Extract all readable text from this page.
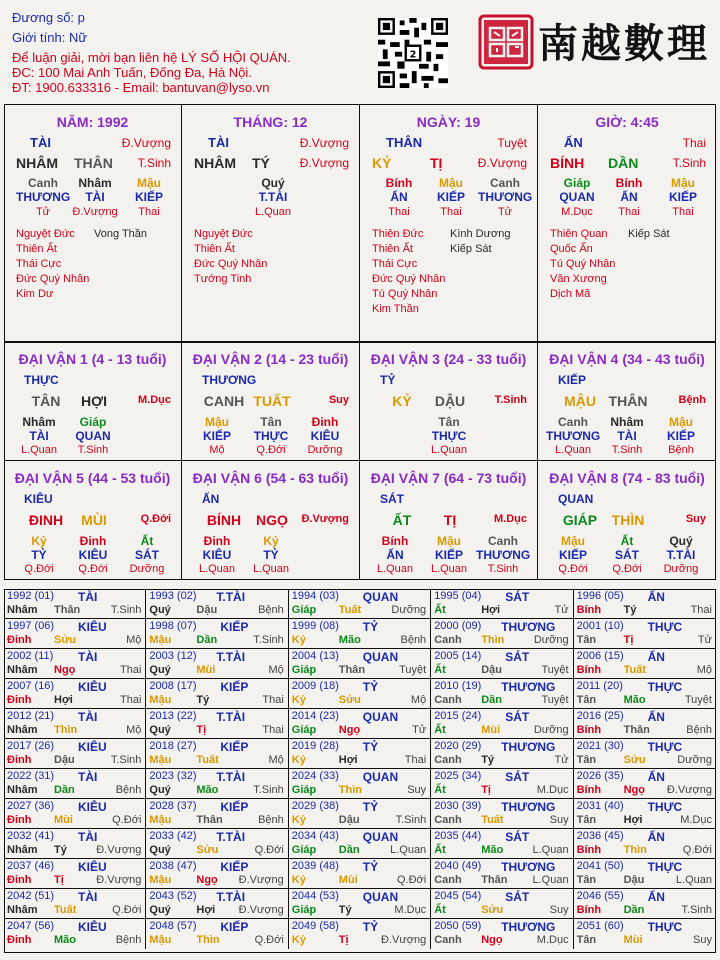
Đương số: p
Giới tính: Nữ
Để luận giải, mời bạn liên hệ LÝ SỐ HỘI QUÁN.
ĐC: 100 Mai Anh Tuấn, Đống Đa, Hà Nội.
ĐT: 1900.633316 - Email: bantuvan@lyso.vn
2	南越數理
NĂM: 1992
TÀI	Đ.Vượng
NHÂM THÂN T.Sinh
Canh	Nhâm	Mậu
THƯƠNG	TÀI	KIẾP
Tử	Đ.Vượng	Thai
Nguyệt Đức
Thiên Ất
Thái Cực
Đức Quý Nhân
Kim Dư
Vong Thần
THÁNG: 12
TÀI	Đ.Vượng
NHÂM TÝ Đ.Vượng
Quý
T.TÀI
L.Quan
Nguyệt Đức
Thiên Ất
Đức Quý Nhân
Tướng Tinh
NGÀY: 19
THÂN	Tuyệt
KỶ	TỊ	Đ.Vượng
Bính	Mậu	Canh
ẤN	KIẾP	THƯƠNG
Thai	Thai	Tử
Thiên Đức
Thiên Ất
Thái Cực
Đức Quý Nhân
Tú Quý Nhân
Kim Thần
Kình Dương
Kiếp Sát
GIỜ: 4:45
ẤN	Thai
BÍNH DẦN	T.Sinh
Giáp	Bính	Mậu
QUAN	ẤN	KIẾP
M.Dục	Thai	Thai
Thiên Quan
Quốc Ấn
Tú Quý Nhân
Văn Xương
Dịch Mã
Kiếp Sát
ĐẠI VẬN 1 (4 - 13 tuổi)
THỰC
TÂN	HỢI	M.Dục
Nhâm	Giáp
TÀI	QUAN
L.Quan	T.Sinh
ĐẠI VẬN 2 (14 - 23 tuổi)
THƯƠNG
CANH TUẤT	Suy
Mậu	Tân	Đinh
KIẾP	THỰC	KIÊU
Mộ	Q.Đới	Dưỡng
ĐẠI VẬN 3 (24 - 33 tuổi)
TỶ
KỶ	DẬU	T.Sinh
Tân
THỰC
L.Quan
ĐẠI VẬN 4 (34 - 43 tuổi)
KIẾP
MẬU THÂN	Bệnh
Canh	Nhâm	Mậu
THƯƠNG	TÀI	KIẾP
L.Quan	T.Sinh	Bệnh
ĐẠI VẬN 5 (44 - 53 tuổi)
KIÊU
ĐINH	MÙI	Q.Đới
Kỷ	Đinh	Ất
TỶ	KIÊU	SÁT
Q.Đới	Q.Đới	Dưỡng
ĐẠI VẬN 6 (54 - 63 tuổi)
ẤN
BÍNH	NGỌ	Đ.Vượng
Đinh	Kỷ
KIÊU	TỶ
L.Quan	L.Quan
ĐẠI VẬN 7 (64 - 73 tuổi)
SÁT
ẤT	TỊ	M.Dục
Bính	Mậu	Canh
ẤN	KIẾP	THƯƠNG
L.Quan	L.Quan	T.Sinh
ĐẠI VẬN 8 (74 - 83 tuổi)
QUAN
GIÁP	THÌN	Suy
Mậu	Ất	Quý
KIẾP	SÁT	T.TÀI
Q.Đới	Q.Đới	Dưỡng
1992 (01) TÀI
Nhâm Thân	T.Sinh
1993 (02) T.TÀI
Quý Dậu	Bệnh
1994 (03) QUAN
Giáp Tuất	Dưỡng
1995 (04) SÁT
Ất	Hợi	Tử
1996 (05) ẤN
Bính Tý	Thai
1997 (06) KIÊU
Đinh Sửu	Mộ
1998 (07) KIẾP
Mậu Dần	T.Sinh
1999 (08) TỶ
Kỷ	Mão	Bệnh
2000 (09) THƯƠNG
Canh Thìn	Dưỡng
2001 (10) THỰC
Tân Tị	Tử
2002 (11) TÀI
Nhâm Ngọ	Thai
2003 (12) T.TÀI
Quý Mùi	Mộ
2004 (13) QUAN
Giáp Thân	Tuyệt
2005 (14) SÁT
Ất	Dậu	Tuyệt
2006 (15) ẤN
Bính Tuất	Mộ
2007 (16) KIÊU
Đinh Hợi	Thai
2008 (17) KIẾP
Mậu Tý	Thai
2009 (18) TỶ
Kỷ	Sửu	Mộ
2010 (19) THƯƠNG
Canh Dần	Tuyệt
2011 (20) THỰC
Tân Mão	Tuyệt
2012 (21) TÀI
Nhâm Thìn	Mộ
2013 (22) T.TÀI
Quý Tị	Thai
2014 (23) QUAN
Giáp Ngọ	Tử
2015 (24) SÁT
Ất	Mùi	Dưỡng
2016 (25) ẤN
Bính Thân	Bệnh
2017 (26) KIÊU
Đinh Dậu	T.Sinh
2018 (27) KIẾP
Mậu Tuất	Mộ
2019 (28) TỶ
Kỷ	Hợi	Thai
2020 (29) THƯƠNG
Canh Tý	Tử
2021 (30) THỰC
Tân Sửu	Dưỡng
2022 (31) TÀI
Nhâm Dần	Bệnh
2023 (32) T.TÀI
Quý Mão	T.Sinh
2024 (33) QUAN
Giáp Thìn	Suy
2025 (34) SÁT
Ất	Tị	M.Dục
2026 (35) ẤN
Bính Ngọ Đ.Vượng
2027 (36) KIÊU
Đinh Mùi	Q.Đới
2028 (37) KIẾP
Mậu Thân	Bệnh
2029 (38) TỶ
Kỷ	Dậu	T.Sinh
2030 (39) THƯƠNG
Canh Tuất	Suy
2031 (40) THỰC
Tân Hợi	M.Dục
2032 (41) TÀI
Nhâm Tý	Đ.Vượng
2033 (42) T.TÀI
Quý Sửu	Q.Đới
2034 (43) QUAN
Giáp Dần	L.Quan
2035 (44) SÁT
Ất	Mão	L.Quan
2036 (45) ẤN
Bính Thìn	Q.Đới
2037 (46) KIÊU
Đinh Tị	Đ.Vượng
2038 (47) KIẾP
Mậu Ngọ Đ.Vượng
2039 (48) TỶ
Kỷ	Mùi	Q.Đới
2040 (49) THƯƠNG
Canh Thân L.Quan
2041 (50) THỰC
Tân Dậu	L.Quan
2042 (51) TÀI
Nhâm Tuất	Q.Đới
2043 (52) T.TÀI
Quý Hợi Đ.Vượng
2044 (53) QUAN
Giáp Tý	M.Dục
2045 (54) SÁT
Ất	Sửu	Suy
2046 (55) ẤN
Bính Dần	T.Sinh
2047 (56) KIÊU
Đinh Mão	Bệnh
2048 (57) KIẾP
Mậu Thìn	Q.Đới
2049 (58) TỶ
Kỷ	Tị	Đ.Vượng
2050 (59) THƯƠNG
Canh Ngọ	M.Dục
2051 (60) THỰC
Tân Mùi	Suy
